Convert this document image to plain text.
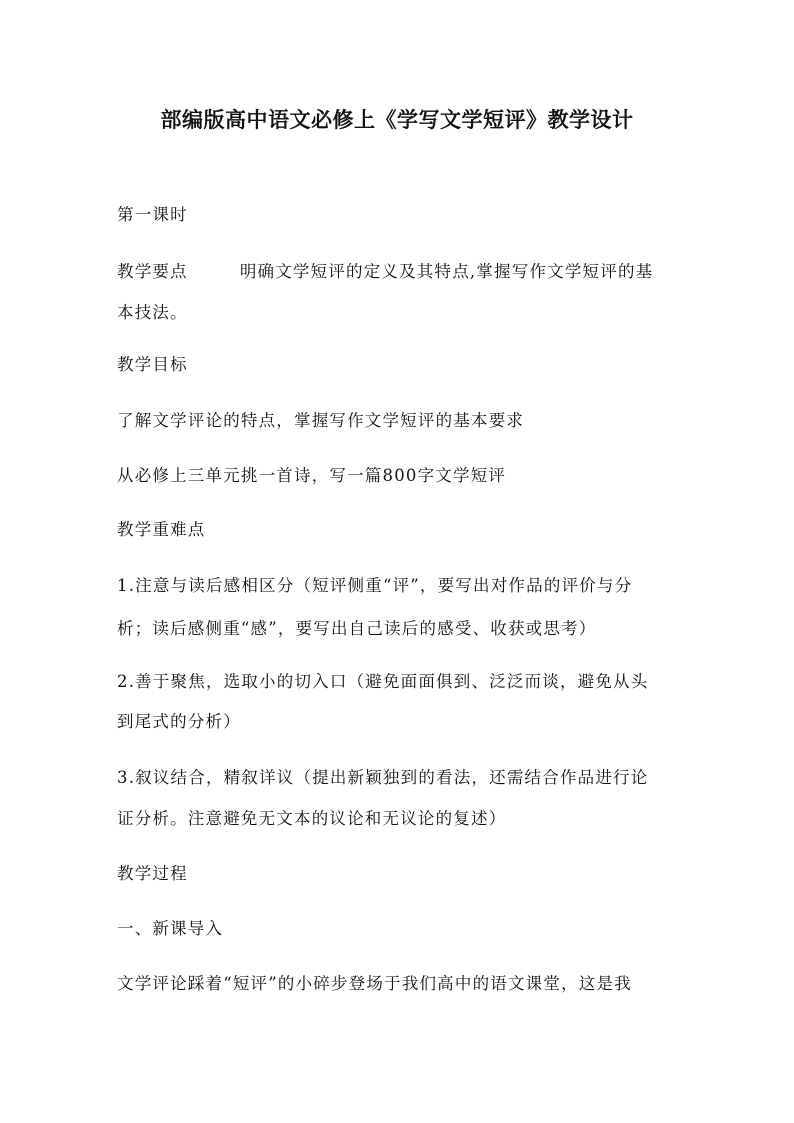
部编版高中语文必修上《学写文学短评》教学设计
第一课时
教学要点	明确文学短评的定义及其特点,掌握写作文学短评的基
本技法。
教学目标
了解文学评论的特点，掌握写作文学短评的基本要求
从必修上三单元挑一首诗，写一篇800字文学短评
教学重难点
1.注意与读后感相区分（短评侧重“评”，要写出对作品的评价与分
析；读后感侧重“感”，要写出自己读后的感受、收获或思考）
2.善于聚焦，选取小的切入口（避免面面俱到、泛泛而谈，避免从头
到尾式的分析）
3.叙议结合，精叙详议（提出新颖独到的看法，还需结合作品进行论
证分析。注意避免无文本的议论和无议论的复述）
教学过程
一、新课导入
文学评论踩着“短评”的小碎步登场于我们高中的语文课堂，这是我
